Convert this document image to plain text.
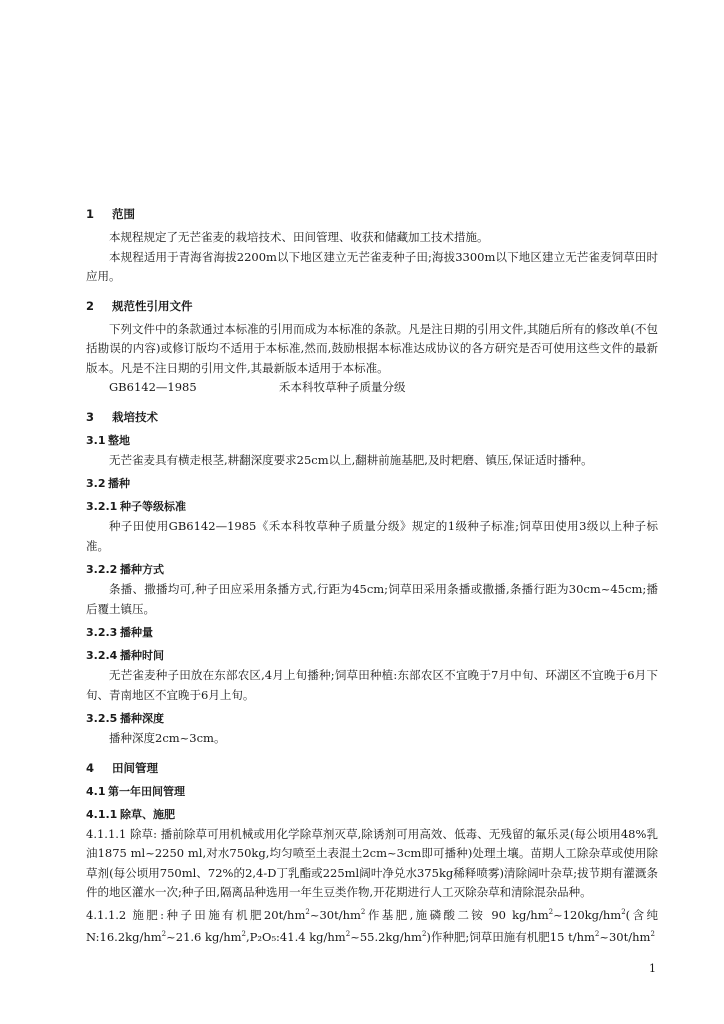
1 范围

本规程规定了无芒雀麦的栽培技术、田间管理、收获和储藏加工技术措施。

本规程适用于青海省海拔2200m以下地区建立无芒雀麦种子田;海拔3300m以下地区建立无芒雀麦饲草田时应用。

2 规范性引用文件

下列文件中的条款通过本标准的引用而成为本标准的条款。凡是注日期的引用文件,其随后所有的修改单(不包括勘误的内容)或修订版均不适用于本标准,然而,鼓励根据本标准达成协议的各方研究是否可使用这些文件的最新版本。凡是不注日期的引用文件,其最新版本适用于本标准。

GB6142—1985	禾本科牧草种子质量分级
3 栽培技术
3.1 整地

无芒雀麦具有横走根茎,耕翻深度要求25cm以上,翻耕前施基肥,及时耙磨、镇压,保证适时播种。

3.2 播种
3.2.1 种子等级标准

种子田使用GB6142—1985《禾本科牧草种子质量分级》规定的1级种子标准;饲草田使用3级以上种子标准。

3.2.2 播种方式

条播、撒播均可,种子田应采用条播方式,行距为45cm;饲草田采用条播或撒播,条播行距为30cm~45cm;播后覆土镇压。

3.2.3 播种量
3.2.4 播种时间

无芒雀麦种子田放在东部农区,4月上旬播种;饲草田种植:东部农区不宜晚于7月中旬、环湖区不宜晚于6月下旬、青南地区不宜晚于6月上旬。

3.2.5 播种深度

播种深度2cm~3cm。

4 田间管理
4.1 第一年田间管理
4.1.1 除草、施肥

4.1.1.1 除草: 播前除草可用机械或用化学除草剂灭草,除诱剂可用高效、低毒、无残留的氟乐灵(每公顷用48%乳油1875 ml~2250 ml,对水750kg,均匀喷至土表混土2cm~3cm即可播种)处理土壤。苗期人工除杂草或使用除草剂(每公顷用750ml、72%的2,4-D丁乳酯或225ml阔叶净兑水375kg稀释喷雾)清除阔叶杂草;拔节期有灌溉条件的地区灌水一次;种子田,隔离品种选用一年生豆类作物,开花期进行人工灭除杂草和清除混杂品种。

4.1.1.2 施肥:种子田施有机肥$20t/hm^2\sim 30t/hm^2$作基肥,施磷酸二铵 90 $kg/hm^2\sim 120kg/hm^2$(含纯$N:16.2kg/hm^2\sim 21.6$ $kg/hm^2,P_2O_5:41.4$ $kg/hm^2\sim 55.2kg/hm^2$)作种肥;饲草田施有机肥15 $t/hm^2\sim 30t/hm^2$

1
